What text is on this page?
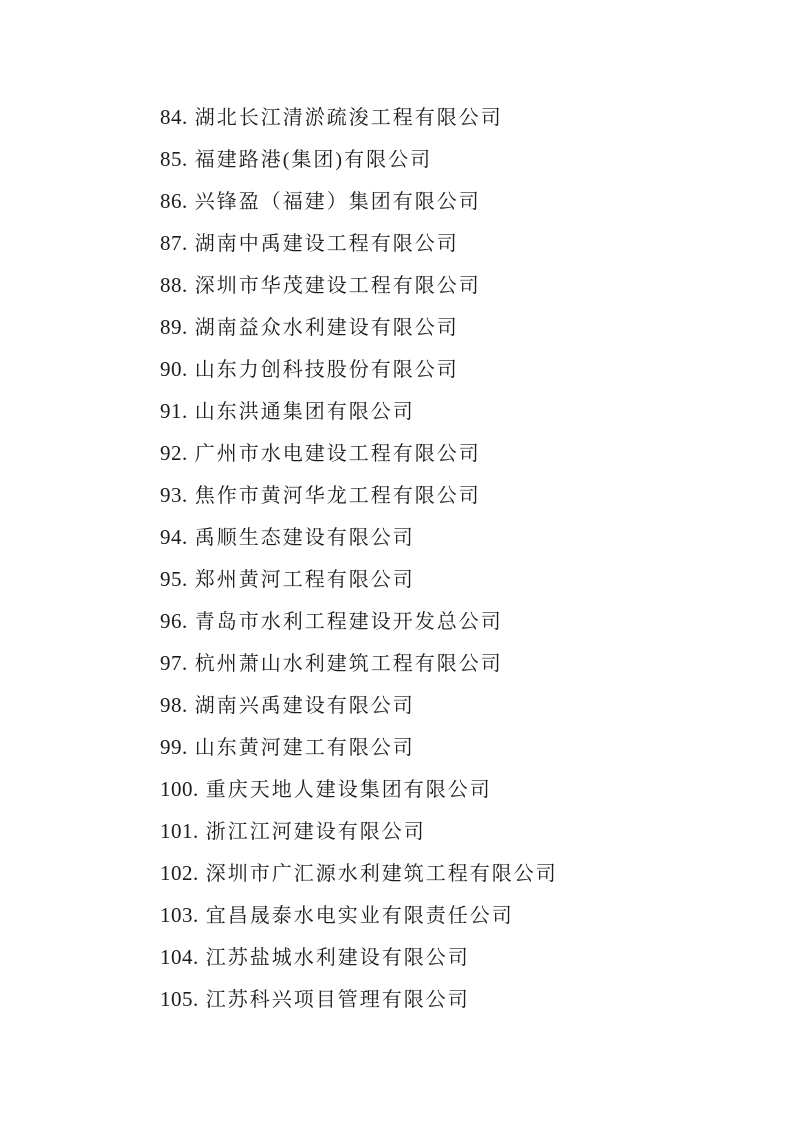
84. 湖北长江清淤疏浚工程有限公司
85. 福建路港(集团)有限公司
86. 兴锋盈（福建）集团有限公司
87. 湖南中禹建设工程有限公司
88. 深圳市华茂建设工程有限公司
89. 湖南益众水利建设有限公司
90. 山东力创科技股份有限公司
91. 山东洪通集团有限公司
92. 广州市水电建设工程有限公司
93. 焦作市黄河华龙工程有限公司
94. 禹顺生态建设有限公司
95. 郑州黄河工程有限公司
96. 青岛市水利工程建设开发总公司
97. 杭州萧山水利建筑工程有限公司
98. 湖南兴禹建设有限公司
99. 山东黄河建工有限公司
100. 重庆天地人建设集团有限公司
101. 浙江江河建设有限公司
102. 深圳市广汇源水利建筑工程有限公司
103. 宜昌晟泰水电实业有限责任公司
104. 江苏盐城水利建设有限公司
105. 江苏科兴项目管理有限公司
